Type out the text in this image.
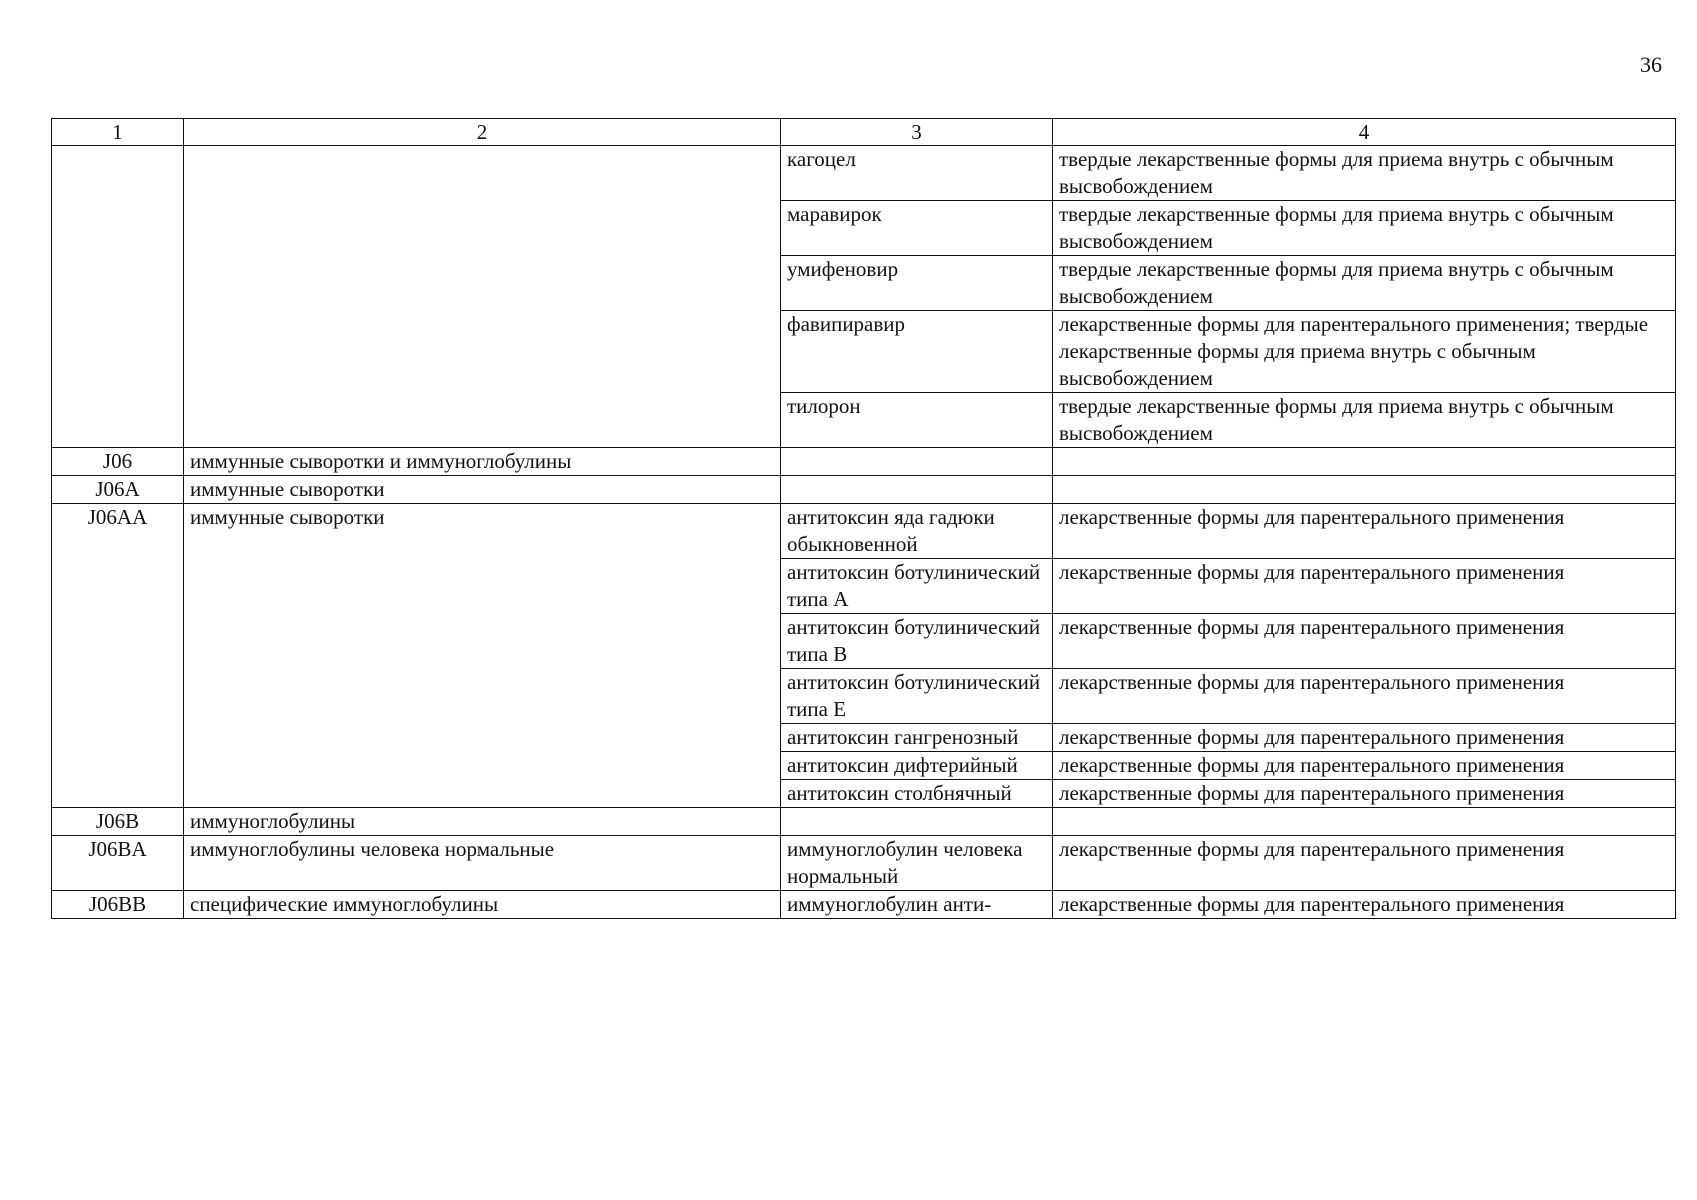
36
1	2	3	4
		кагоцел	твердые лекарственные формы для приема внутрь с обычным высвобождением
		маравирок	твердые лекарственные формы для приема внутрь с обычным высвобождением
		умифеновир	твердые лекарственные формы для приема внутрь с обычным высвобождением
		фавипиравир	лекарственные формы для парентерального применения; твердые лекарственные формы для приема внутрь с обычным высвобождением
		тилорон	твердые лекарственные формы для приема внутрь с обычным высвобождением
J06	иммунные сыворотки и иммуноглобулины		
J06A	иммунные сыворотки		
J06AA	иммунные сыворотки	антитоксин яда гадюки обыкновенной	лекарственные формы для парентерального применения
		антитоксин ботулинический типа A	лекарственные формы для парентерального применения
		антитоксин ботулинический типа B	лекарственные формы для парентерального применения
		антитоксин ботулинический типа E	лекарственные формы для парентерального применения
		антитоксин гангренозный	лекарственные формы для парентерального применения
		антитоксин дифтерийный	лекарственные формы для парентерального применения
		антитоксин столбнячный	лекарственные формы для парентерального применения
J06B	иммуноглобулины		
J06BA	иммуноглобулины человека нормальные	иммуноглобулин человека нормальный	лекарственные формы для парентерального применения
J06BB	специфические иммуноглобулины	иммуноглобулин анти-	лекарственные формы для парентерального применения
